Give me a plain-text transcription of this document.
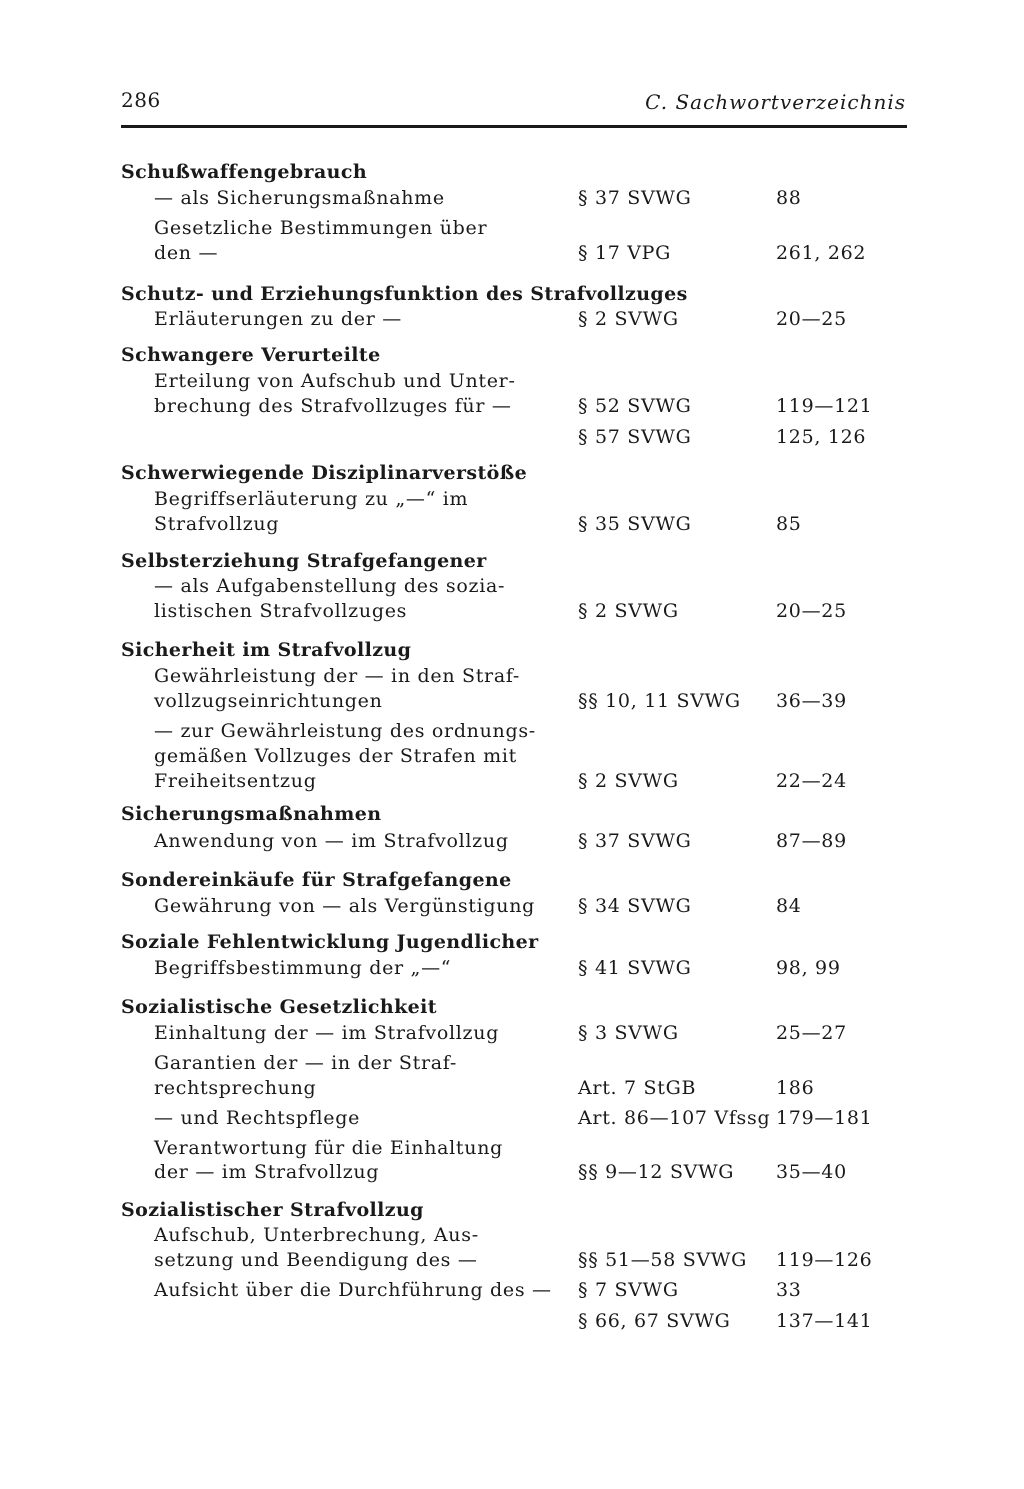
286	C. Sachwortverzeichnis
Schußwaffengebrauch
— als Sicherungsmaßnahme	§ 37 SVWG	88
Gesetzliche Bestimmungen über
den —	§ 17 VPG	261, 262
Schutz- und Erziehungsfunktion des Strafvollzuges
Erläuterungen zu der —	§ 2 SVWG	20—25
Schwangere Verurteilte
Erteilung von Aufschub und Unter-
brechung des Strafvollzuges für —	§ 52 SVWG	119—121
§ 57 SVWG	125, 126
Schwerwiegende Disziplinarverstöße
Begriffserläuterung zu „—“ im
Strafvollzug	§ 35 SVWG	85
Selbsterziehung Strafgefangener
— als Aufgabenstellung des sozia-
listischen Strafvollzuges	§ 2 SVWG	20—25
Sicherheit im Strafvollzug
Gewährleistung der — in den Straf-
vollzugseinrichtungen	§§ 10, 11 SVWG 36—39
— zur Gewährleistung des ordnungs-
gemäßen Vollzuges der Strafen mit
Freiheitsentzug	§ 2 SVWG	22—24
Sicherungsmaßnahmen
Anwendung von — im Strafvollzug	§ 37 SVWG	87—89
Sondereinkäufe für Strafgefangene
Gewährung von — als Vergünstigung § 34 SVWG	84
Soziale Fehlentwicklung Jugendlicher
Begriffsbestimmung der „—“	§ 41 SVWG	98, 99
Sozialistische Gesetzlichkeit
Einhaltung der — im Strafvollzug	§ 3 SVWG	25—27
Garantien der — in der Straf-
rechtsprechung	Art. 7 StGB	186
— und Rechtspflege	Art. 86—107 Vfssg 179—181
Verantwortung für die Einhaltung
der — im Strafvollzug	§§ 9—12 SVWG 35—40
Sozialistischer Strafvollzug
Aufschub, Unterbrechung, Aus-
setzung und Beendigung des —	§§ 51—58 SVWG 119—126
Aufsicht über die Durchführung des — § 7 SVWG	33
§ 66, 67 SVWG 137—141
